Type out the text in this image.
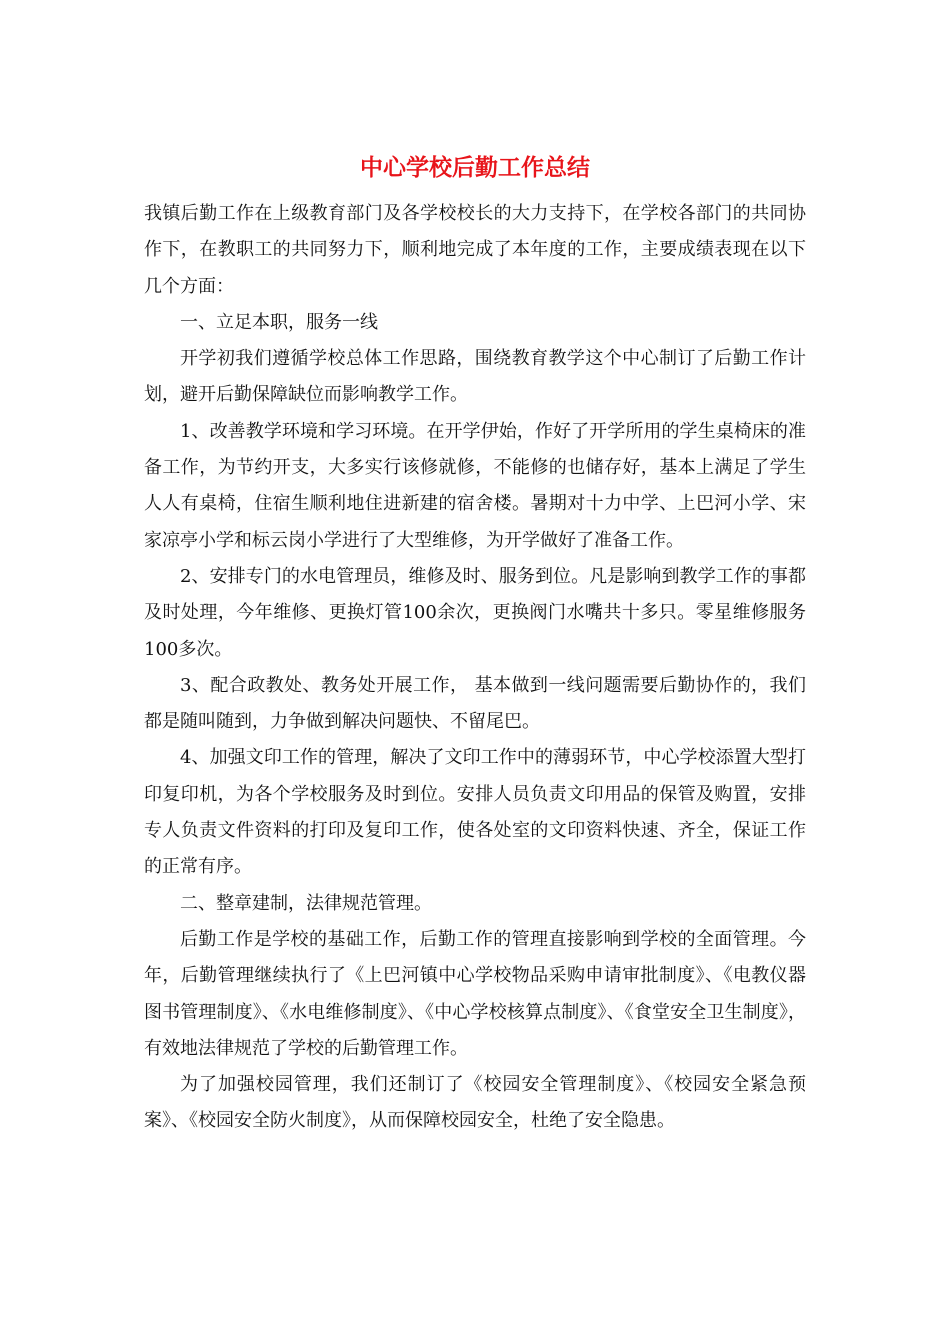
中心学校后勤工作总结

我镇后勤工作在上级教育部门及各学校校长的大力支持下，在学校各部门的共同协作下，在教职工的共同努力下，顺利地完成了本年度的工作，主要成绩表现在以下几个方面：

一、立足本职，服务一线

开学初我们遵循学校总体工作思路，围绕教育教学这个中心制订了后勤工作计划，避开后勤保障缺位而影响教学工作。

1、改善教学环境和学习环境。在开学伊始，作好了开学所用的学生桌椅床的准备工作，为节约开支，大多实行该修就修，不能修的也储存好，基本上满足了学生人人有桌椅，住宿生顺利地住进新建的宿舍楼。暑期对十力中学、上巴河小学、宋家凉亭小学和标云岗小学进行了大型维修，为开学做好了准备工作。

2、安排专门的水电管理员，维修及时、服务到位。凡是影响到教学工作的事都及时处理，今年维修、更换灯管100余次，更换阀门水嘴共十多只。零星维修服务100多次。

3、配合政教处、教务处开展工作， 基本做到一线问题需要后勤协作的，我们都是随叫随到，力争做到解决问题快、不留尾巴。

4、加强文印工作的管理，解决了文印工作中的薄弱环节，中心学校添置大型打印复印机，为各个学校服务及时到位。安排人员负责文印用品的保管及购置，安排专人负责文件资料的打印及复印工作，使各处室的文印资料快速、齐全，保证工作的正常有序。

二、整章建制，法律规范管理。

后勤工作是学校的基础工作，后勤工作的管理直接影响到学校的全面管理。今年，后勤管理继续执行了《上巴河镇中心学校物品采购申请审批制度》、《电教仪器图书管理制度》、《水电维修制度》、《中心学校核算点制度》、《食堂安全卫生制度》，有效地法律规范了学校的后勤管理工作。

为了加强校园管理，我们还制订了《校园安全管理制度》、《校园安全紧急预案》、《校园安全防火制度》，从而保障校园安全，杜绝了安全隐患。
